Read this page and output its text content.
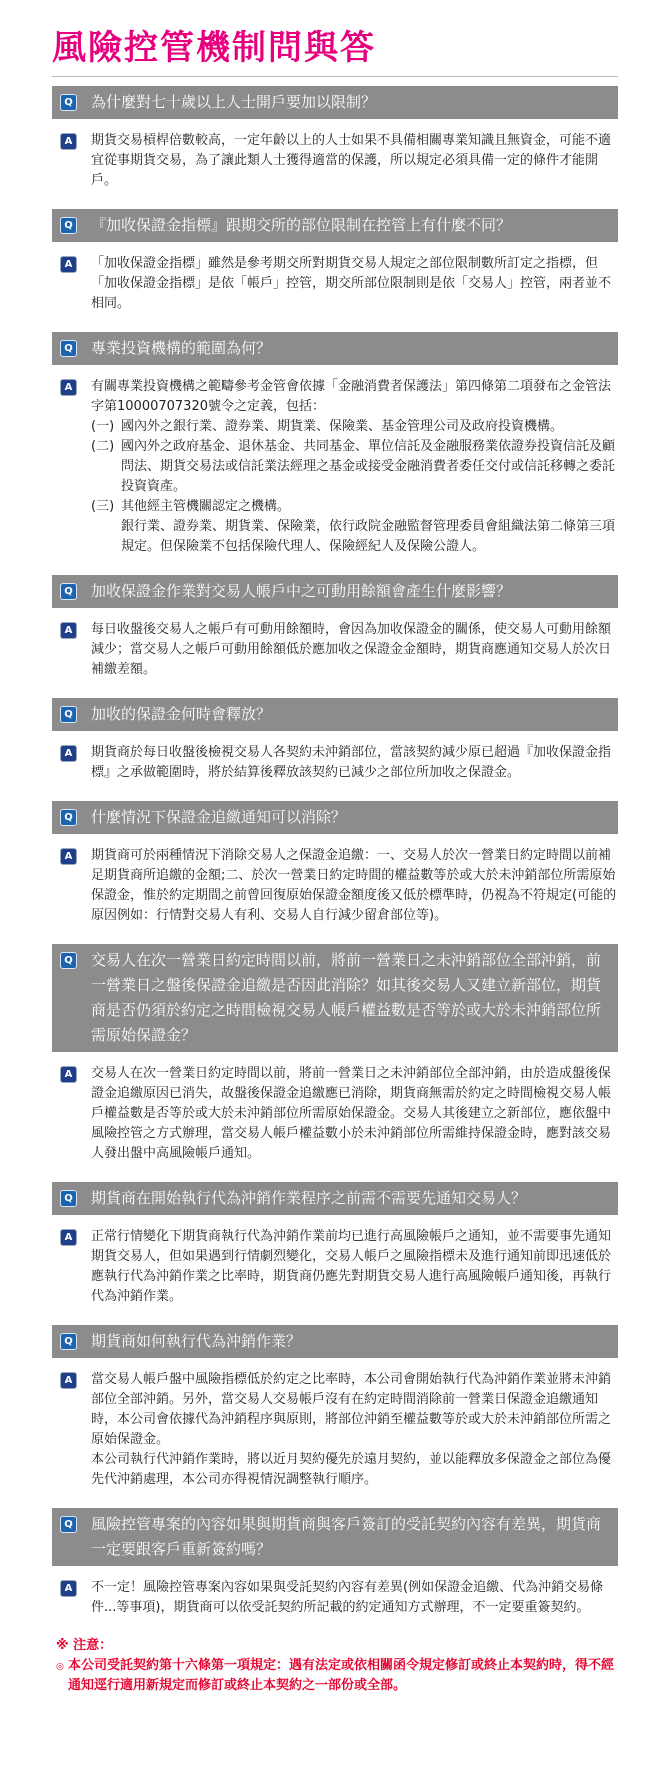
風險控管機制問與答
Q 為什麼對七十歲以上人士開戶要加以限制？
A	期貨交易槓桿倍數較高，一定年齡以上的人士如果不具備相關專業知識且無資金，可能不適宜從事期貨交易，為了讓此類人士獲得適當的保護，所以規定必須具備一定的條件才能開戶。

Q 『加收保證金指標』跟期交所的部位限制在控管上有什麼不同？
A	「加收保證金指標」雖然是參考期交所對期貨交易人規定之部位限制數所訂定之指標，但「加收保證金指標」是依「帳戶」控管，期交所部位限制則是依「交易人」控管，兩者並不相同。

Q 專業投資機構的範圍為何？
A	有關專業投資機構之範疇參考金管會依據「金融消費者保護法」第四條第二項發布之金管法字第10000707320號令之定義，包括：

(一) 國內外之銀行業、證券業、期貨業、保險業、基金管理公司及政府投資機構。
(二) 國內外之政府基金、退休基金、共同基金、單位信託及金融服務業依證券投資信託及顧問法、期貨交易法或信託業法經理之基金或接受金融消費者委任交付或信託移轉之委託投資資產。
(三) 其他經主管機關認定之機構。
銀行業、證券業、期貨業、保險業，依行政院金融監督管理委員會組織法第二條第三項規定。但保險業不包括保險代理人、保險經紀人及保險公證人。
Q 加收保證金作業對交易人帳戶中之可動用餘額會產生什麼影響？
A	每日收盤後交易人之帳戶有可動用餘額時，會因為加收保證金的關係，使交易人可動用餘額減少；當交易人之帳戶可動用餘額低於應加收之保證金金額時，期貨商應通知交易人於次日補繳差額。

Q 加收的保證金何時會釋放？
A	期貨商於每日收盤後檢視交易人各契約未沖銷部位，當該契約減少原已超過『加收保證金指標』之承做範圍時，將於結算後釋放該契約已減少之部位所加收之保證金。

Q 什麼情況下保證金追繳通知可以消除？
A	期貨商可於兩種情況下消除交易人之保證金追繳：一、交易人於次一營業日約定時間以前補足期貨商所追繳的金額;二、於次一營業日約定時間的權益數等於或大於未沖銷部位所需原始保證金，惟於約定期間之前曾回復原始保證金額度後又低於標準時，仍視為不符規定(可能的原因例如：行情對交易人有利、交易人自行減少留倉部位等)。

Q 交易人在次一營業日約定時間以前，將前一營業日之未沖銷部位全部沖銷，前一營業日之盤後保證金追繳是否因此消除？如其後交易人又建立新部位，期貨商是否仍須於約定之時間檢視交易人帳戶權益數是否等於或大於未沖銷部位所需原始保證金？
A	交易人在次一營業日約定時間以前，將前一營業日之未沖銷部位全部沖銷，由於造成盤後保證金追繳原因已消失，故盤後保證金追繳應已消除，期貨商無需於約定之時間檢視交易人帳戶權益數是否等於或大於未沖銷部位所需原始保證金。交易人其後建立之新部位，應依盤中風險控管之方式辦理，當交易人帳戶權益數小於未沖銷部位所需維持保證金時，應對該交易人發出盤中高風險帳戶通知。

Q 期貨商在開始執行代為沖銷作業程序之前需不需要先通知交易人？
A	正常行情變化下期貨商執行代為沖銷作業前均已進行高風險帳戶之通知，並不需要事先通知期貨交易人，但如果遇到行情劇烈變化，交易人帳戶之風險指標未及進行通知前即迅速低於應執行代為沖銷作業之比率時，期貨商仍應先對期貨交易人進行高風險帳戶通知後，再執行代為沖銷作業。

Q 期貨商如何執行代為沖銷作業？
A	當交易人帳戶盤中風險指標低於約定之比率時，本公司會開始執行代為沖銷作業並將未沖銷部位全部沖銷。另外，當交易人交易帳戶沒有在約定時間消除前一營業日保證金追繳通知時，本公司會依據代為沖銷程序與原則，將部位沖銷至權益數等於或大於未沖銷部位所需之原始保證金。

本公司執行代沖銷作業時，將以近月契約優先於遠月契約，並以能釋放多保證金之部位為優先代沖銷處理，本公司亦得視情況調整執行順序。

Q 風險控管專案的內容如果與期貨商與客戶簽訂的受託契約內容有差異，期貨商一定要跟客戶重新簽約嗎？
A	不一定！風險控管專案內容如果與受託契約內容有差異(例如保證金追繳、代為沖銷交易條件...等事項)，期貨商可以依受託契約所記載的約定通知方式辦理，不一定要重簽契約。

※ 注意：
◎ 本公司受託契約第十六條第一項規定：遇有法定或依相關函令規定修訂或終止本契約時，得不經通知逕行適用新規定而修訂或終止本契約之一部份或全部。
